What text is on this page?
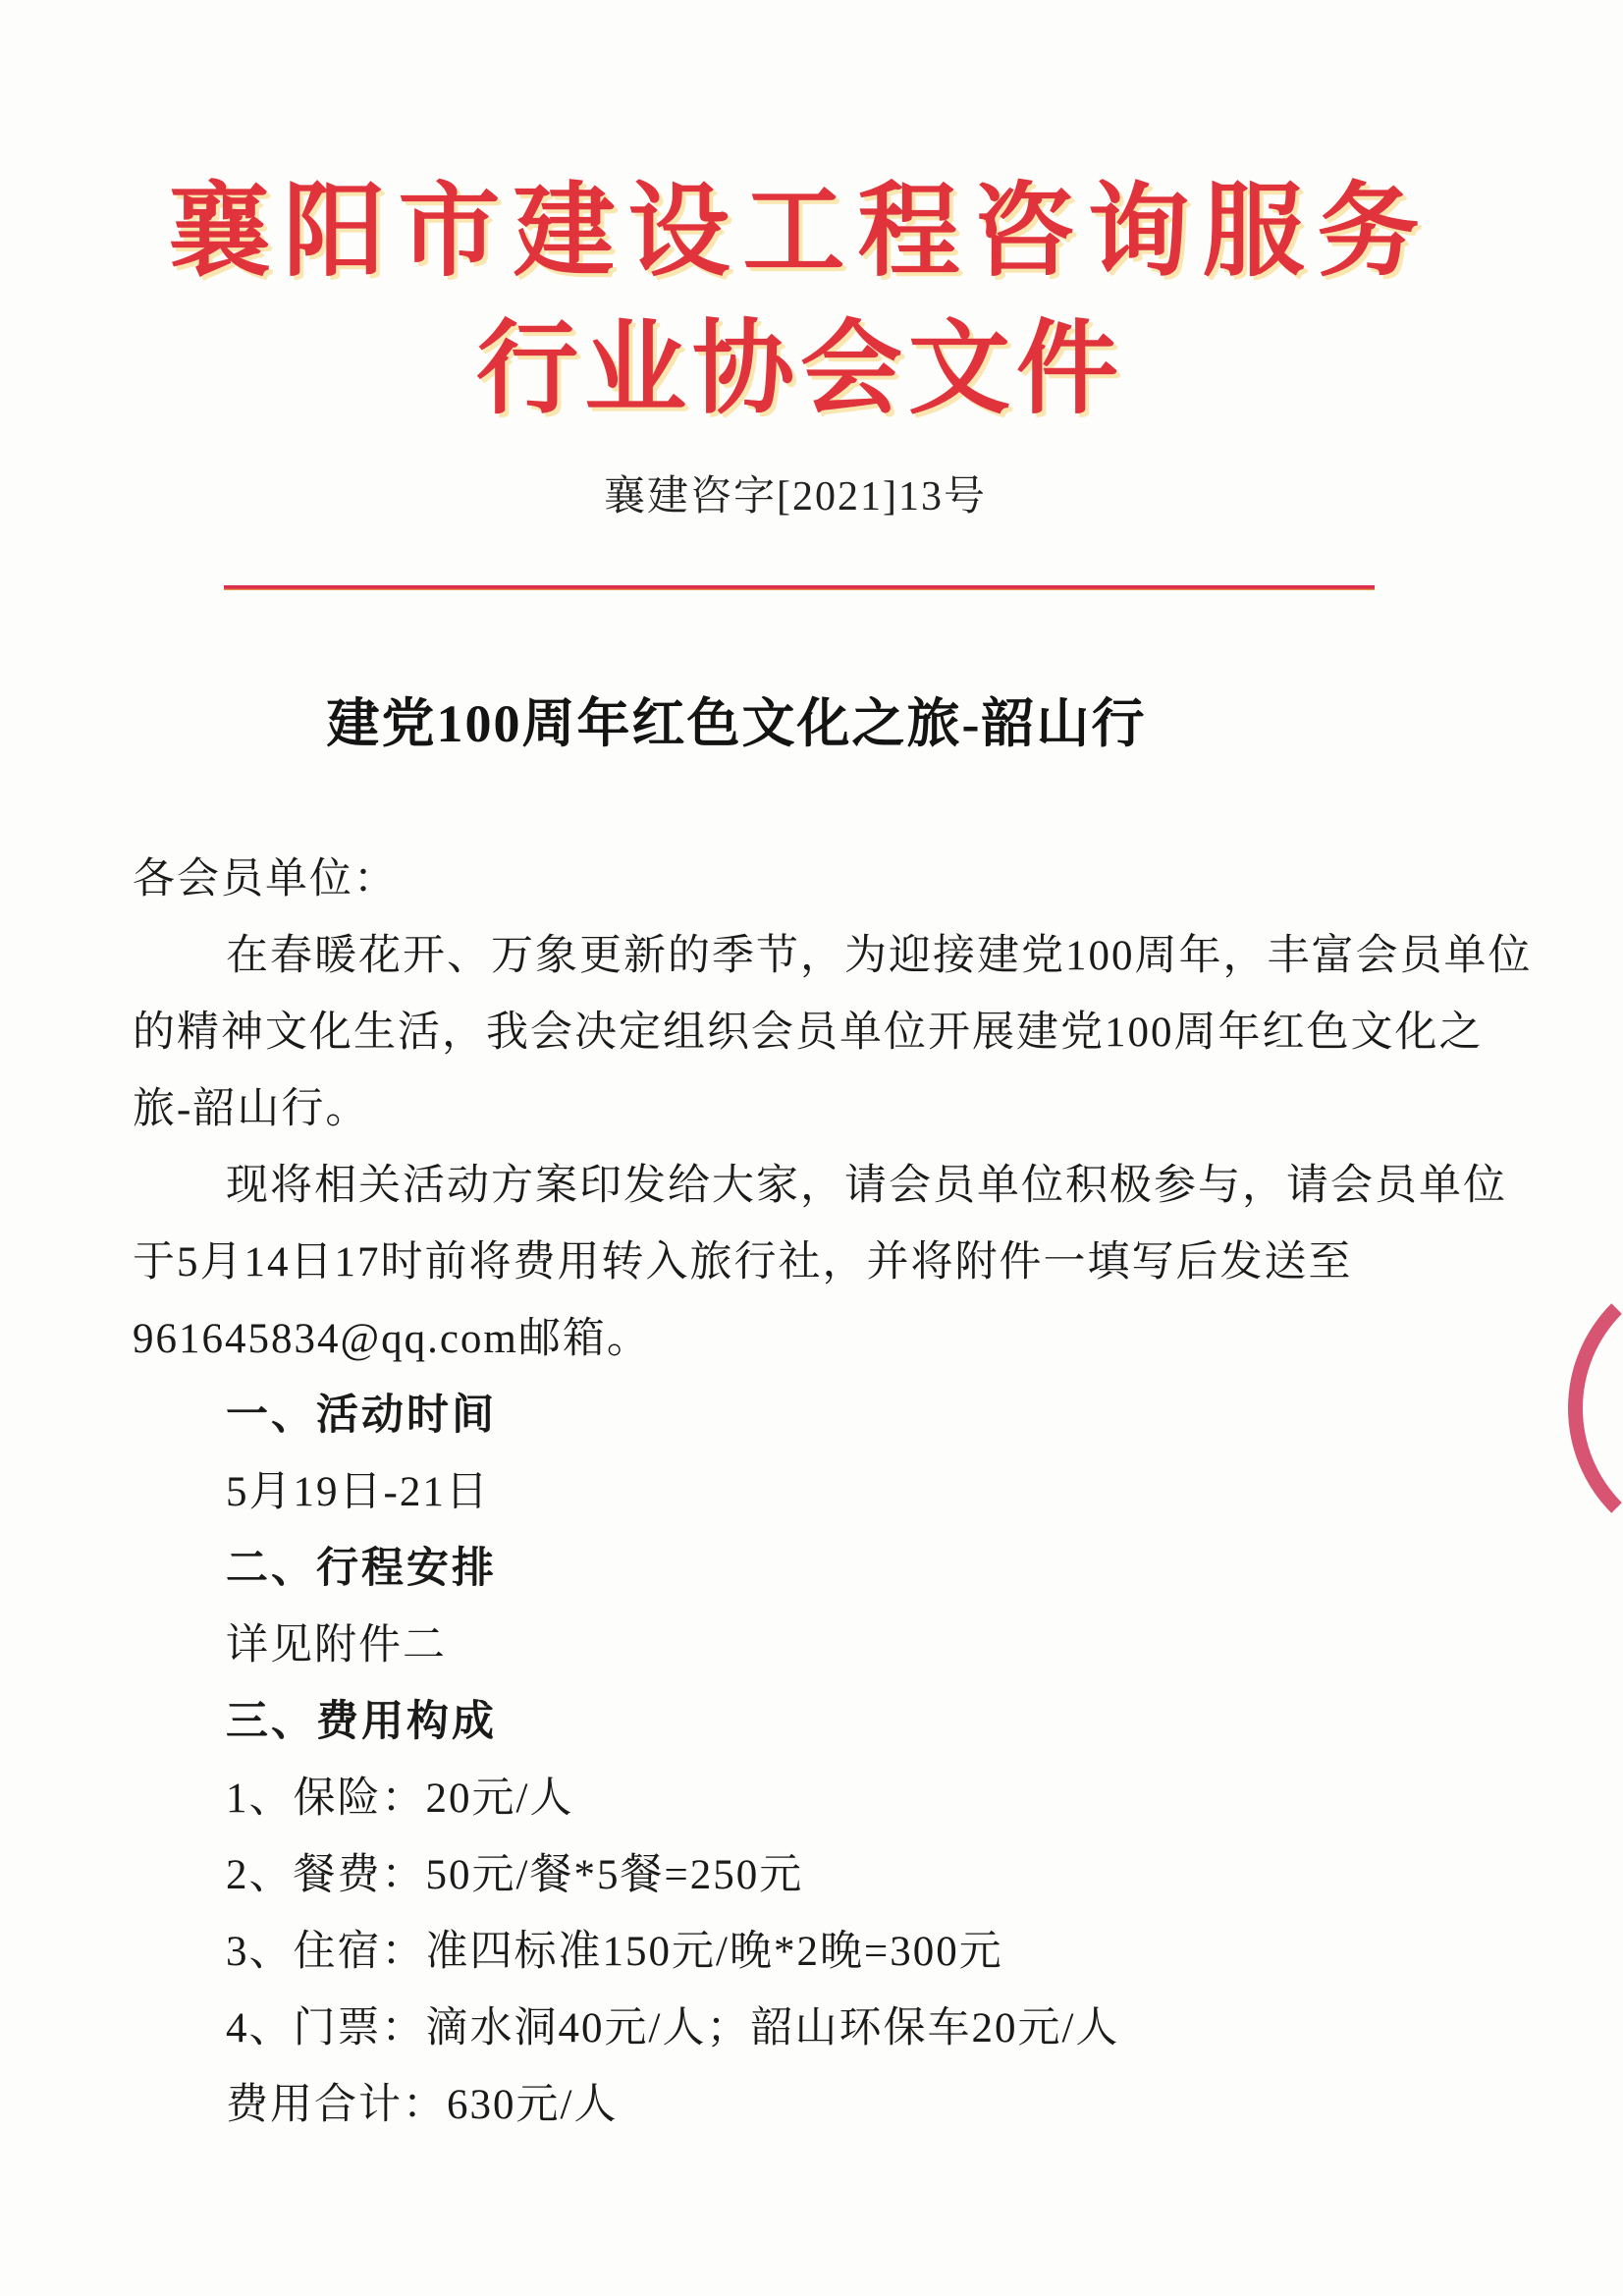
襄阳市建设工程咨询服务
行业协会文件
襄建咨字[2021]13号
建党100周年红色文化之旅-韶山行
各会员单位：
在春暖花开、万象更新的季节，为迎接建党100周年，丰富会员单位
的精神文化生活，我会决定组织会员单位开展建党100周年红色文化之
旅-韶山行。
现将相关活动方案印发给大家，请会员单位积极参与，请会员单位
于5月14日17时前将费用转入旅行社，并将附件一填写后发送至
961645834@qq.com邮箱。
一、活动时间
5月19日-21日
二、行程安排
详见附件二
三、费用构成
1、保险：20元/人
2、餐费：50元/餐*5餐=250元
3、住宿：准四标准150元/晚*2晚=300元
4、门票：滴水洞40元/人；韶山环保车20元/人
费用合计：630元/人
